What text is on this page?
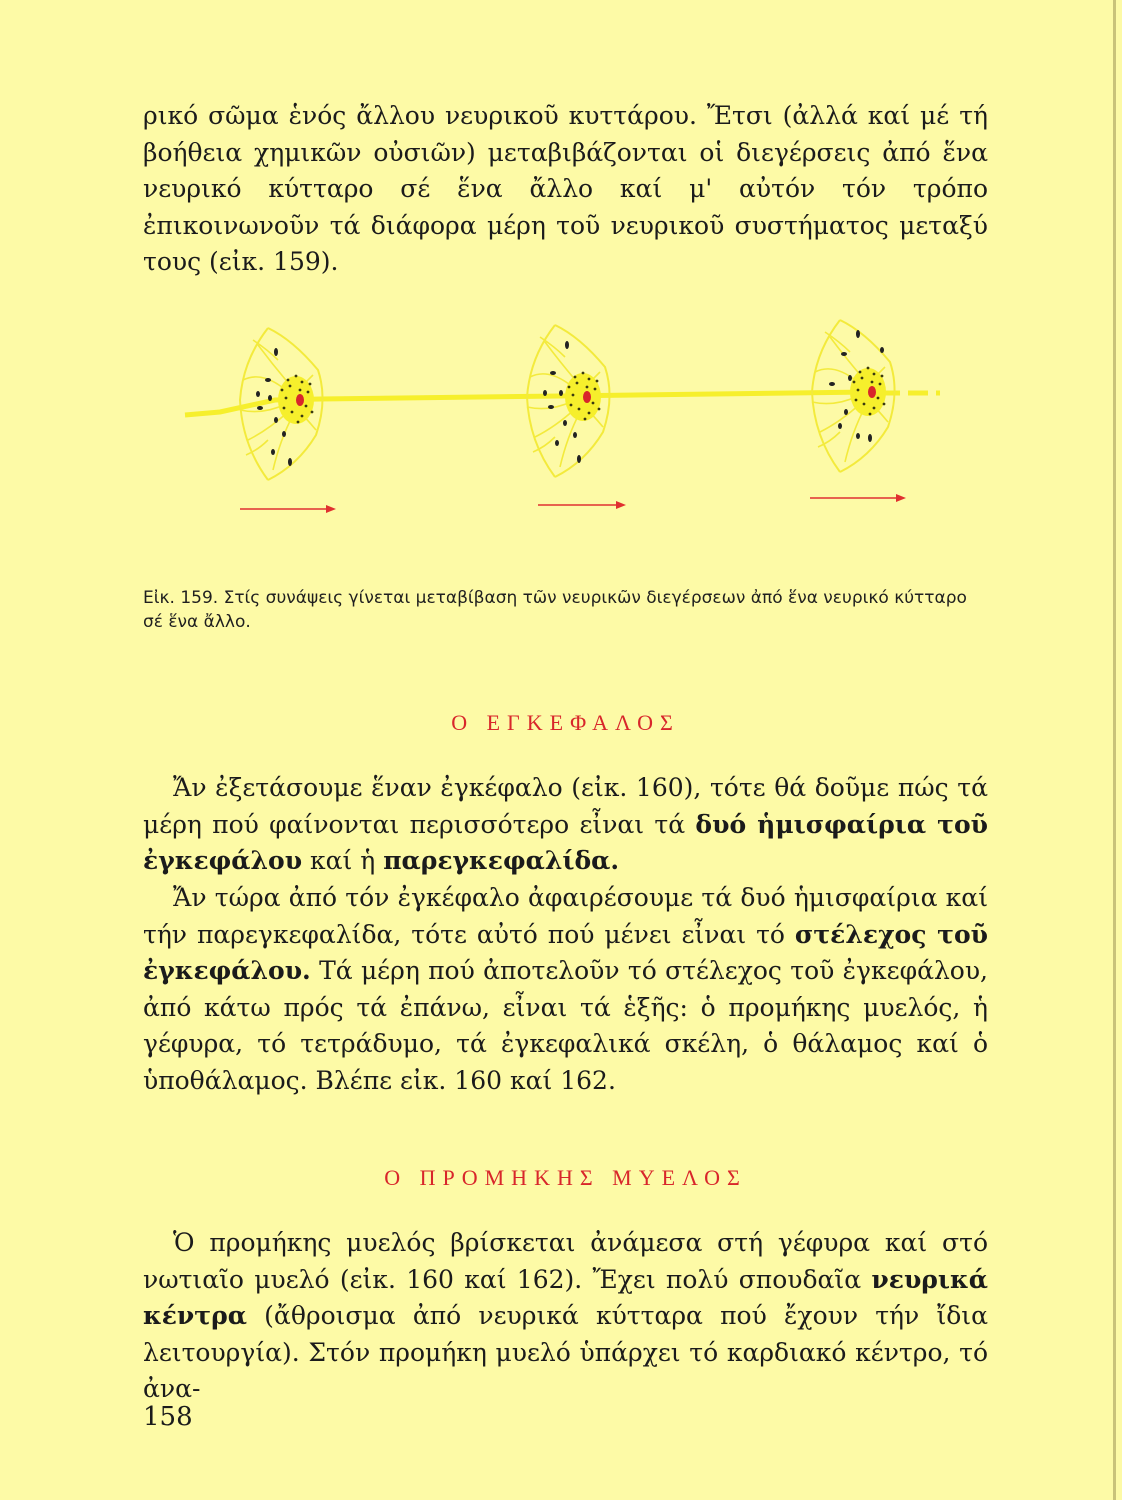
ρικό σῶμα ἑνός ἄλλου νευρικοῦ κυττάρου. Ἔτσι (ἀλλά καί μέ τή βοήθεια χημικῶν οὐσιῶν) μεταβιβάζονται οἱ διεγέρσεις ἀπό ἕνα νευρικό κύτταρο σέ ἕνα ἄλλο καί μ' αὐτόν τόν τρόπο ἐπικοινωνοῦν τά διάφορα μέρη τοῦ νευρικοῦ συστήματος μεταξύ τους (εἰκ. 159).

Εἰκ. 159. Στίς συνάψεις γίνεται μεταβίβαση τῶν νευρικῶν διεγέρσεων ἀπό ἕνα νευρικό κύτταρο σέ ἕνα ἄλλο.

Ο ΕΓΚΕΦΑΛΟΣ

Ἄν ἐξετάσουμε ἕναν ἐγκέφαλο (εἰκ. 160), τότε θά δοῦμε πώς τά μέρη πού φαίνονται περισσότερο εἶναι τά δυό ἡμισφαίρια τοῦ ἐγκεφάλου καί ἡ παρεγκεφαλίδα.

Ἄν τώρα ἀπό τόν ἐγκέφαλο ἀφαιρέσουμε τά δυό ἡμισφαίρια καί τήν παρεγκεφαλίδα, τότε αὐτό πού μένει εἶναι τό στέλεχος τοῦ ἐγκεφάλου. Τά μέρη πού ἀποτελοῦν τό στέλεχος τοῦ ἐγκεφάλου, ἀπό κάτω πρός τά ἐπάνω, εἶναι τά ἑξῆς: ὁ προμήκης μυελός, ἡ γέφυρα, τό τετράδυμο, τά ἐγκεφαλικά σκέλη, ὁ θάλαμος καί ὁ ὑποθάλαμος. Βλέπε εἰκ. 160 καί 162.

Ο ΠΡΟΜΗΚΗΣ ΜΥΕΛΟΣ

Ὁ προμήκης μυελός βρίσκεται ἀνάμεσα στή γέφυρα καί στό νωτιαῖο μυελό (εἰκ. 160 καί 162). Ἔχει πολύ σπουδαῖα νευρικά κέντρα (ἄθροισμα ἀπό νευρικά κύτταρα πού ἔχουν τήν ἴδια λειτουργία). Στόν προμήκη μυελό ὑπάρχει τό καρδιακό κέντρο, τό ἀνα-

158
